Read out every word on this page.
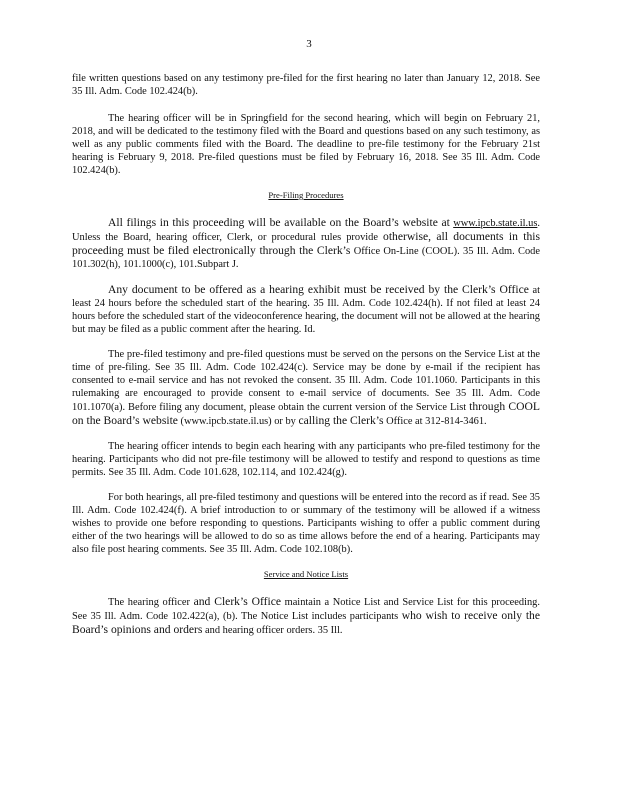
3

file written questions based on any testimony pre-filed for the first hearing no later than January 12, 2018. See 35 Ill. Adm. Code 102.424(b).

The hearing officer will be in Springfield for the second hearing, which will begin on February 21, 2018, and will be dedicated to the testimony filed with the Board and questions based on any such testimony, as well as any public comments filed with the Board. The deadline to pre-file testimony for the February 21st hearing is February 9, 2018. Pre-filed questions must be filed by February 16, 2018. See 35 Ill. Adm. Code 102.424(b).

Pre-Filing Procedures

All filings in this proceeding will be available on the Board’s website at www.ipcb.state.il.us. Unless the Board, hearing officer, Clerk, or procedural rules provide otherwise, all documents in this proceeding must be filed electronically through the Clerk’s Office On-Line (COOL). 35 Ill. Adm. Code 101.302(h), 101.1000(c), 101.Subpart J.

Any document to be offered as a hearing exhibit must be received by the Clerk’s Office at least 24 hours before the scheduled start of the hearing. 35 Ill. Adm. Code 102.424(h). If not filed at least 24 hours before the scheduled start of the videoconference hearing, the document will not be allowed at the hearing but may be filed as a public comment after the hearing. Id.

The pre-filed testimony and pre-filed questions must be served on the persons on the Service List at the time of pre-filing. See 35 Ill. Adm. Code 102.424(c). Service may be done by e-mail if the recipient has consented to e-mail service and has not revoked the consent. 35 Ill. Adm. Code 101.1060. Participants in this rulemaking are encouraged to provide consent to e-mail service of documents. See 35 Ill. Adm. Code 101.1070(a). Before filing any document, please obtain the current version of the Service List through COOL on the Board’s website (www.ipcb.state.il.us) or by calling the Clerk’s Office at 312-814-3461.

The hearing officer intends to begin each hearing with any participants who pre-filed testimony for the hearing. Participants who did not pre-file testimony will be allowed to testify and respond to questions as time permits. See 35 Ill. Adm. Code 101.628, 102.114, and 102.424(g).

For both hearings, all pre-filed testimony and questions will be entered into the record as if read. See 35 Ill. Adm. Code 102.424(f). A brief introduction to or summary of the testimony will be allowed if a witness wishes to provide one before responding to questions. Participants wishing to offer a public comment during either of the two hearings will be allowed to do so as time allows before the end of a hearing. Participants may also file post hearing comments. See 35 Ill. Adm. Code 102.108(b).

Service and Notice Lists

The hearing officer and Clerk’s Office maintain a Notice List and Service List for this proceeding. See 35 Ill. Adm. Code 102.422(a), (b). The Notice List includes participants who wish to receive only the Board’s opinions and orders and hearing officer orders. 35 Ill.
